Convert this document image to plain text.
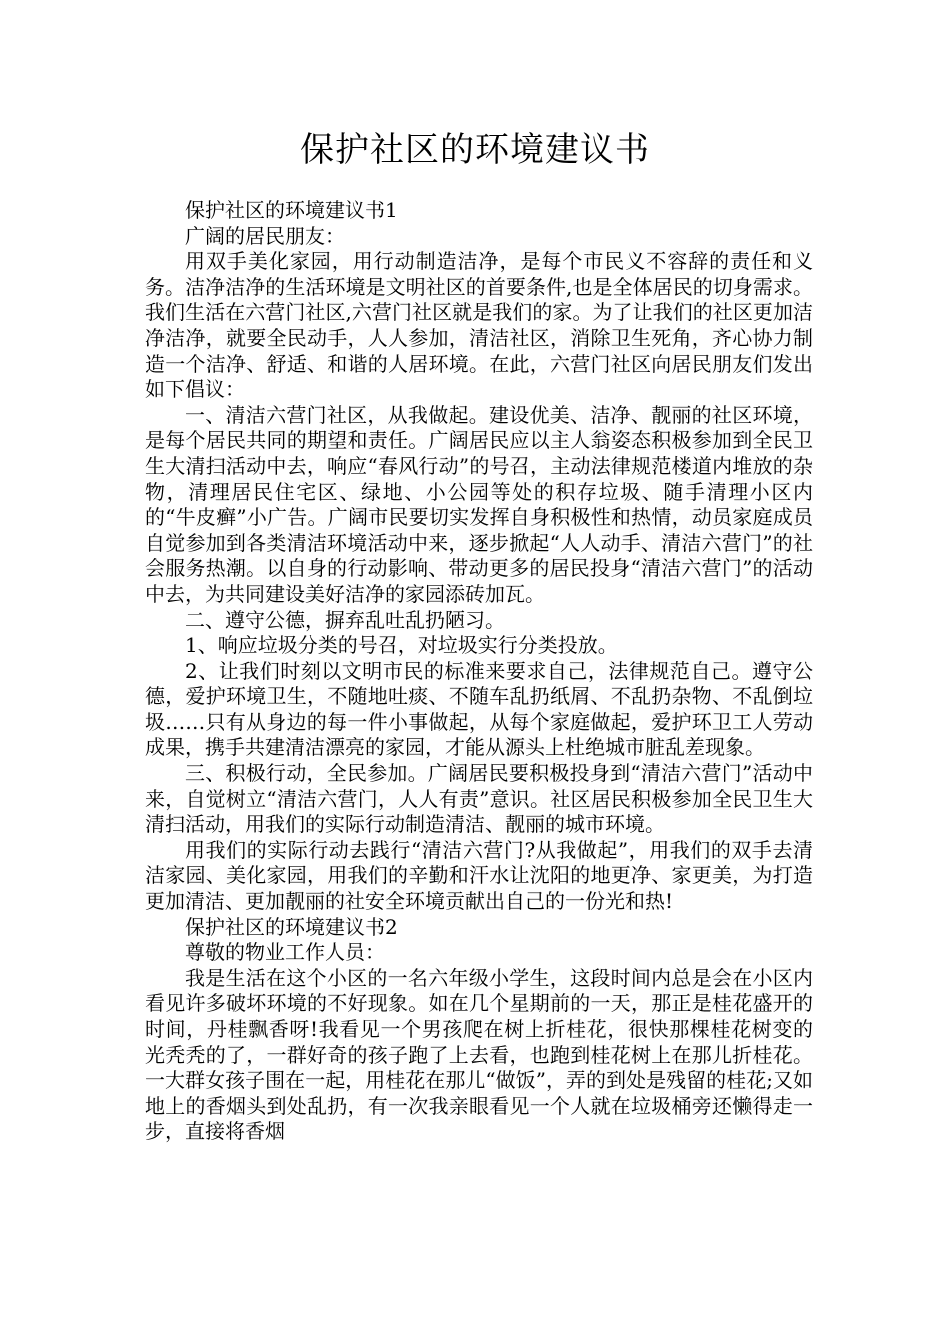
保护社区的环境建议书

保护社区的环境建议书1

广阔的居民朋友：

用双手美化家园，用行动制造洁净，是每个市民义不容辞的责任和义务。洁净洁净的生活环境是文明社区的首要条件,也是全体居民的切身需求。我们生活在六营门社区,六营门社区就是我们的家。为了让我们的社区更加洁净洁净，就要全民动手，人人参加，清洁社区，消除卫生死角，齐心协力制造一个洁净、舒适、和谐的人居环境。在此，六营门社区向居民朋友们发出如下倡议：

一、清洁六营门社区，从我做起。建设优美、洁净、靓丽的社区环境，是每个居民共同的期望和责任。广阔居民应以主人翁姿态积极参加到全民卫生大清扫活动中去，响应“春风行动”的号召，主动法律规范楼道内堆放的杂物，清理居民住宅区、绿地、小公园等处的积存垃圾、随手清理小区内的“牛皮癣”小广告。广阔市民要切实发挥自身积极性和热情，动员家庭成员自觉参加到各类清洁环境活动中来，逐步掀起“人人动手、清洁六营门”的社会服务热潮。以自身的行动影响、带动更多的居民投身“清洁六营门”的活动中去，为共同建设美好洁净的家园添砖加瓦。

二、遵守公德，摒弃乱吐乱扔陋习。

1、响应垃圾分类的号召，对垃圾实行分类投放。

2、让我们时刻以文明市民的标准来要求自己，法律规范自己。遵守公德，爱护环境卫生，不随地吐痰、不随车乱扔纸屑、不乱扔杂物、不乱倒垃圾……只有从身边的每一件小事做起，从每个家庭做起，爱护环卫工人劳动成果，携手共建清洁漂亮的家园，才能从源头上杜绝城市脏乱差现象。

三、积极行动，全民参加。广阔居民要积极投身到“清洁六营门”活动中来，自觉树立“清洁六营门，人人有责”意识。社区居民积极参加全民卫生大清扫活动，用我们的实际行动制造清洁、靓丽的城市环境。

用我们的实际行动去践行“清洁六营门?从我做起”，用我们的双手去清洁家园、美化家园，用我们的辛勤和汗水让沈阳的地更净、家更美，为打造更加清洁、更加靓丽的社安全环境贡献出自己的一份光和热!

保护社区的环境建议书2

尊敬的物业工作人员：

我是生活在这个小区的一名六年级小学生，这段时间内总是会在小区内看见许多破坏环境的不好现象。如在几个星期前的一天，那正是桂花盛开的时间，丹桂飘香呀!我看见一个男孩爬在树上折桂花，很快那棵桂花树变的光秃秃的了，一群好奇的孩子跑了上去看，也跑到桂花树上在那儿折桂花。一大群女孩子围在一起，用桂花在那儿“做饭”，弄的到处是残留的桂花;又如地上的香烟头到处乱扔，有一次我亲眼看见一个人就在垃圾桶旁还懒得走一步，直接将香烟
